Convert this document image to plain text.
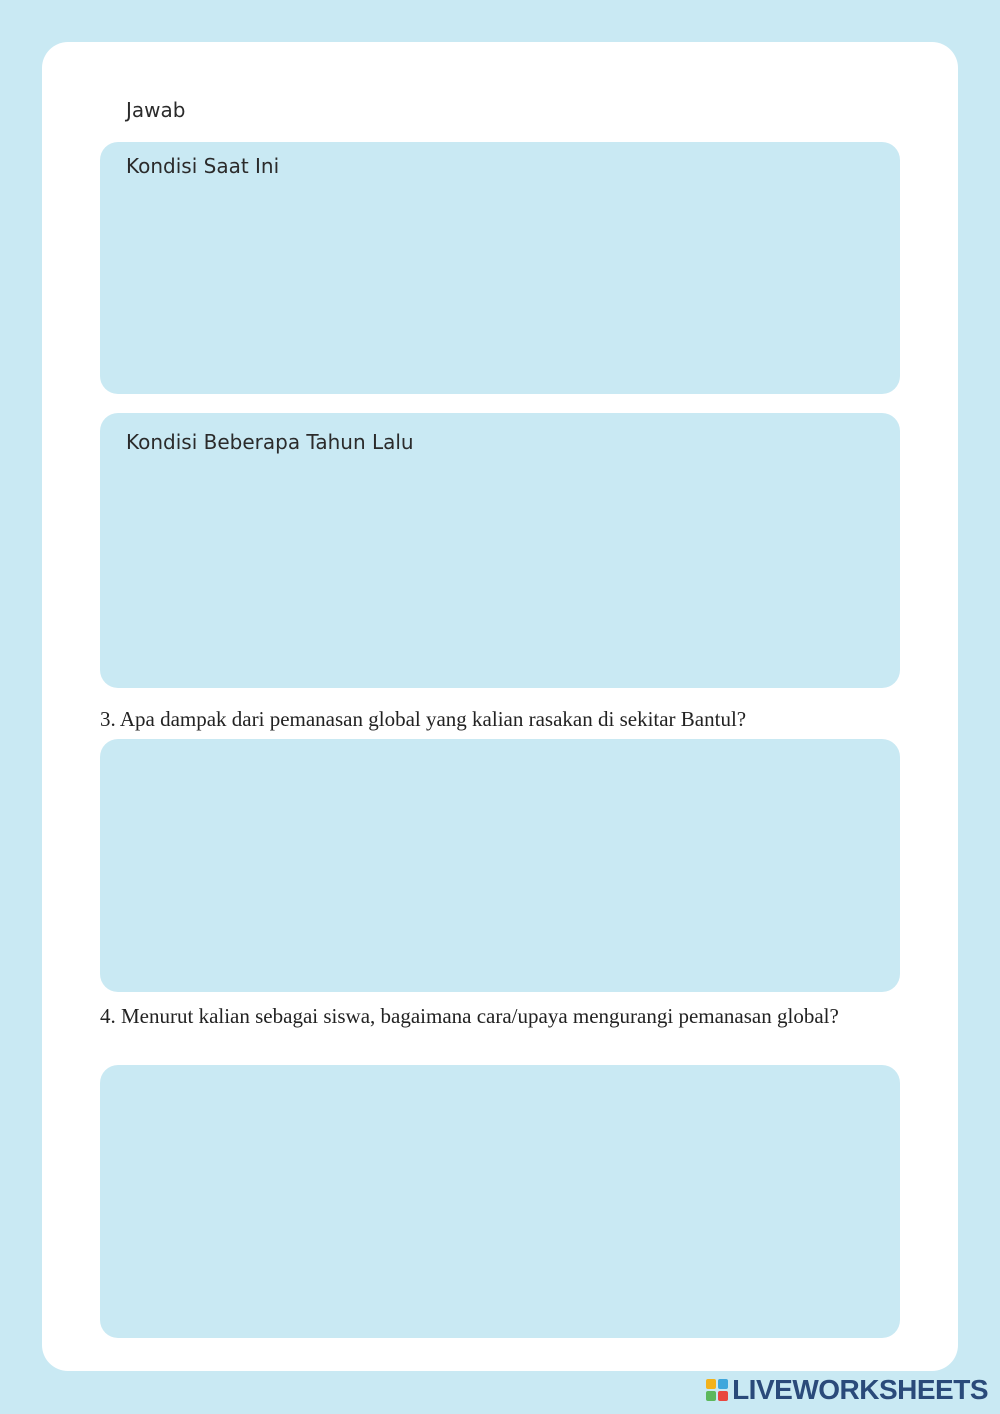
Jawab
Kondisi Saat Ini
Kondisi Beberapa Tahun Lalu
3. Apa dampak dari pemanasan global yang kalian rasakan di sekitar Bantul?
4. Menurut kalian sebagai siswa, bagaimana cara/upaya mengurangi pemanasan global?
LIVEWORKSHEETS
